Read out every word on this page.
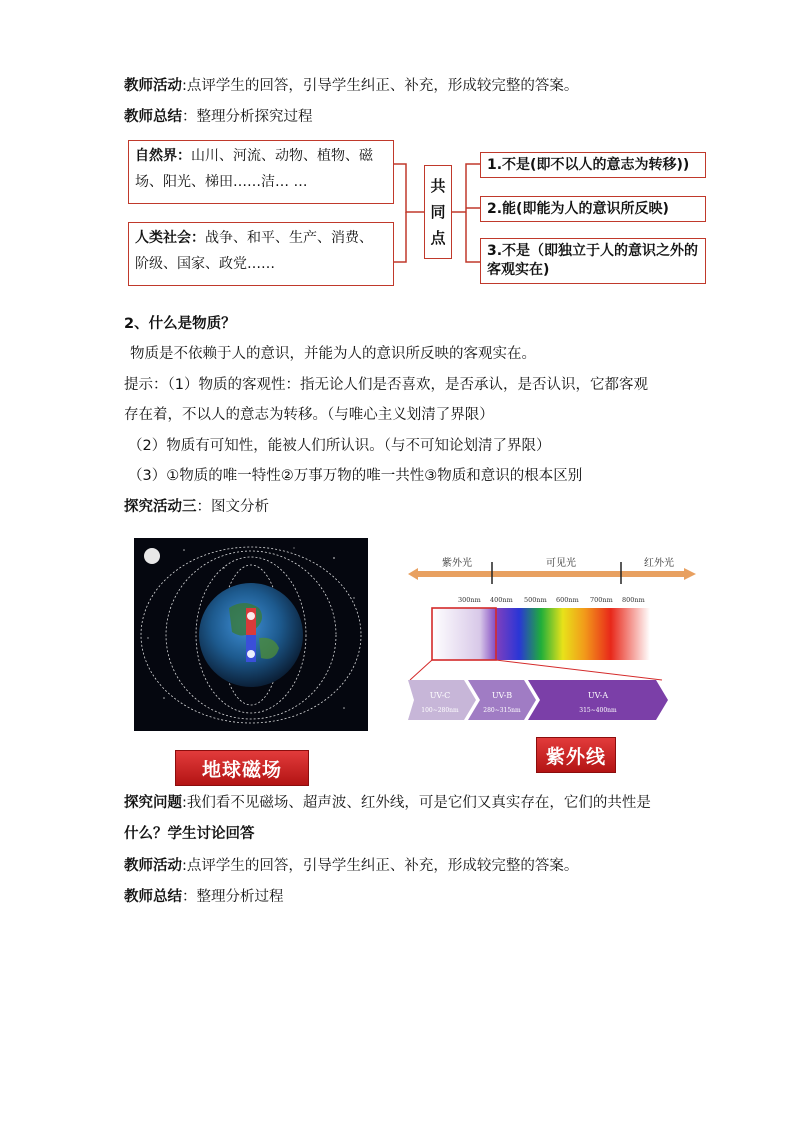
教师活动:点评学生的回答，引导学生纠正、补充，形成较完整的答案。
教师总结：整理分析探究过程
自然界：山川、河流、动物、植物、磁
场、阳光、梯田……洁… …
人类社会：战争、和平、生产、消费、
阶级、国家、政党……
共
同
点
1.不是(即不以人的意志为转移))
2.能(即能为人的意识所反映)
3.不是（即独立于人的意识之外的
客观实在)
2、什么是物质？
物质是不依赖于人的意识，并能为人的意识所反映的客观实在。
提示：（1）物质的客观性：指无论人们是否喜欢，是否承认，是否认识，它都客观
存在着，不以人的意志为转移。（与唯心主义划清了界限）
（2）物质有可知性，能被人们所认识。（与不可知论划清了界限）
（3）①物质的唯一特性②万事万物的唯一共性③物质和意识的根本区别
探究活动三：图文分析
紫外光	可见光	红外光
300nm 400nm 500nm 600nm 700nm 800nm
UV-C
100~280nm
UV-B
280~315nm
UV-A
315~400nm
地球磁场
紫外线
探究问题:我们看不见磁场、超声波、红外线，可是它们又真实存在，它们的共性是
什么？学生讨论回答
教师活动:点评学生的回答，引导学生纠正、补充，形成较完整的答案。
教师总结：整理分析过程
